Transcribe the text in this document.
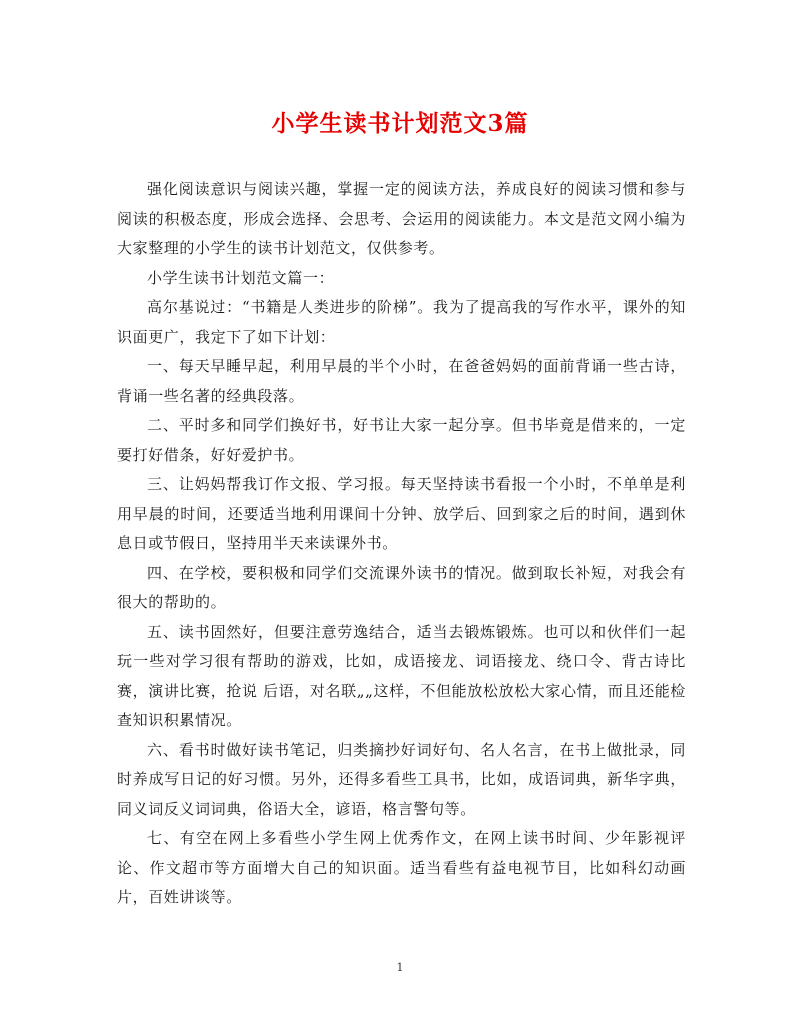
小学生读书计划范文3篇

强化阅读意识与阅读兴趣，掌握一定的阅读方法，养成良好的阅读习惯和参与阅读的积极态度，形成会选择、会思考、会运用的阅读能力。本文是范文网小编为大家整理的小学生的读书计划范文，仅供参考。

小学生读书计划范文篇一：

高尔基说过：“书籍是人类进步的阶梯”。我为了提高我的写作水平，课外的知识面更广，我定下了如下计划：

一、每天早睡早起，利用早晨的半个小时，在爸爸妈妈的面前背诵一些古诗，背诵一些名著的经典段落。

二、平时多和同学们换好书，好书让大家一起分享。但书毕竟是借来的，一定要打好借条，好好爱护书。

三、让妈妈帮我订作文报、学习报。每天坚持读书看报一个小时，不单单是利用早晨的时间，还要适当地利用课间十分钟、放学后、回到家之后的时间，遇到休息日或节假日，坚持用半天来读课外书。

四、在学校，要积极和同学们交流课外读书的情况。做到取长补短，对我会有很大的帮助的。

五、读书固然好，但要注意劳逸结合，适当去锻炼锻炼。也可以和伙伴们一起玩一些对学习很有帮助的游戏，比如，成语接龙、词语接龙、绕口令、背古诗比赛，演讲比赛，抢说 后语，对名联„„这样，不但能放松放松大家心情，而且还能检查知识积累情况。

六、看书时做好读书笔记，归类摘抄好词好句、名人名言，在书上做批录，同时养成写日记的好习惯。另外，还得多看些工具书，比如，成语词典，新华字典，同义词反义词词典，俗语大全，谚语，格言警句等。

七、有空在网上多看些小学生网上优秀作文，在网上读书时间、少年影视评论、作文超市等方面增大自己的知识面。适当看些有益电视节目，比如科幻动画片，百姓讲谈等。

1
